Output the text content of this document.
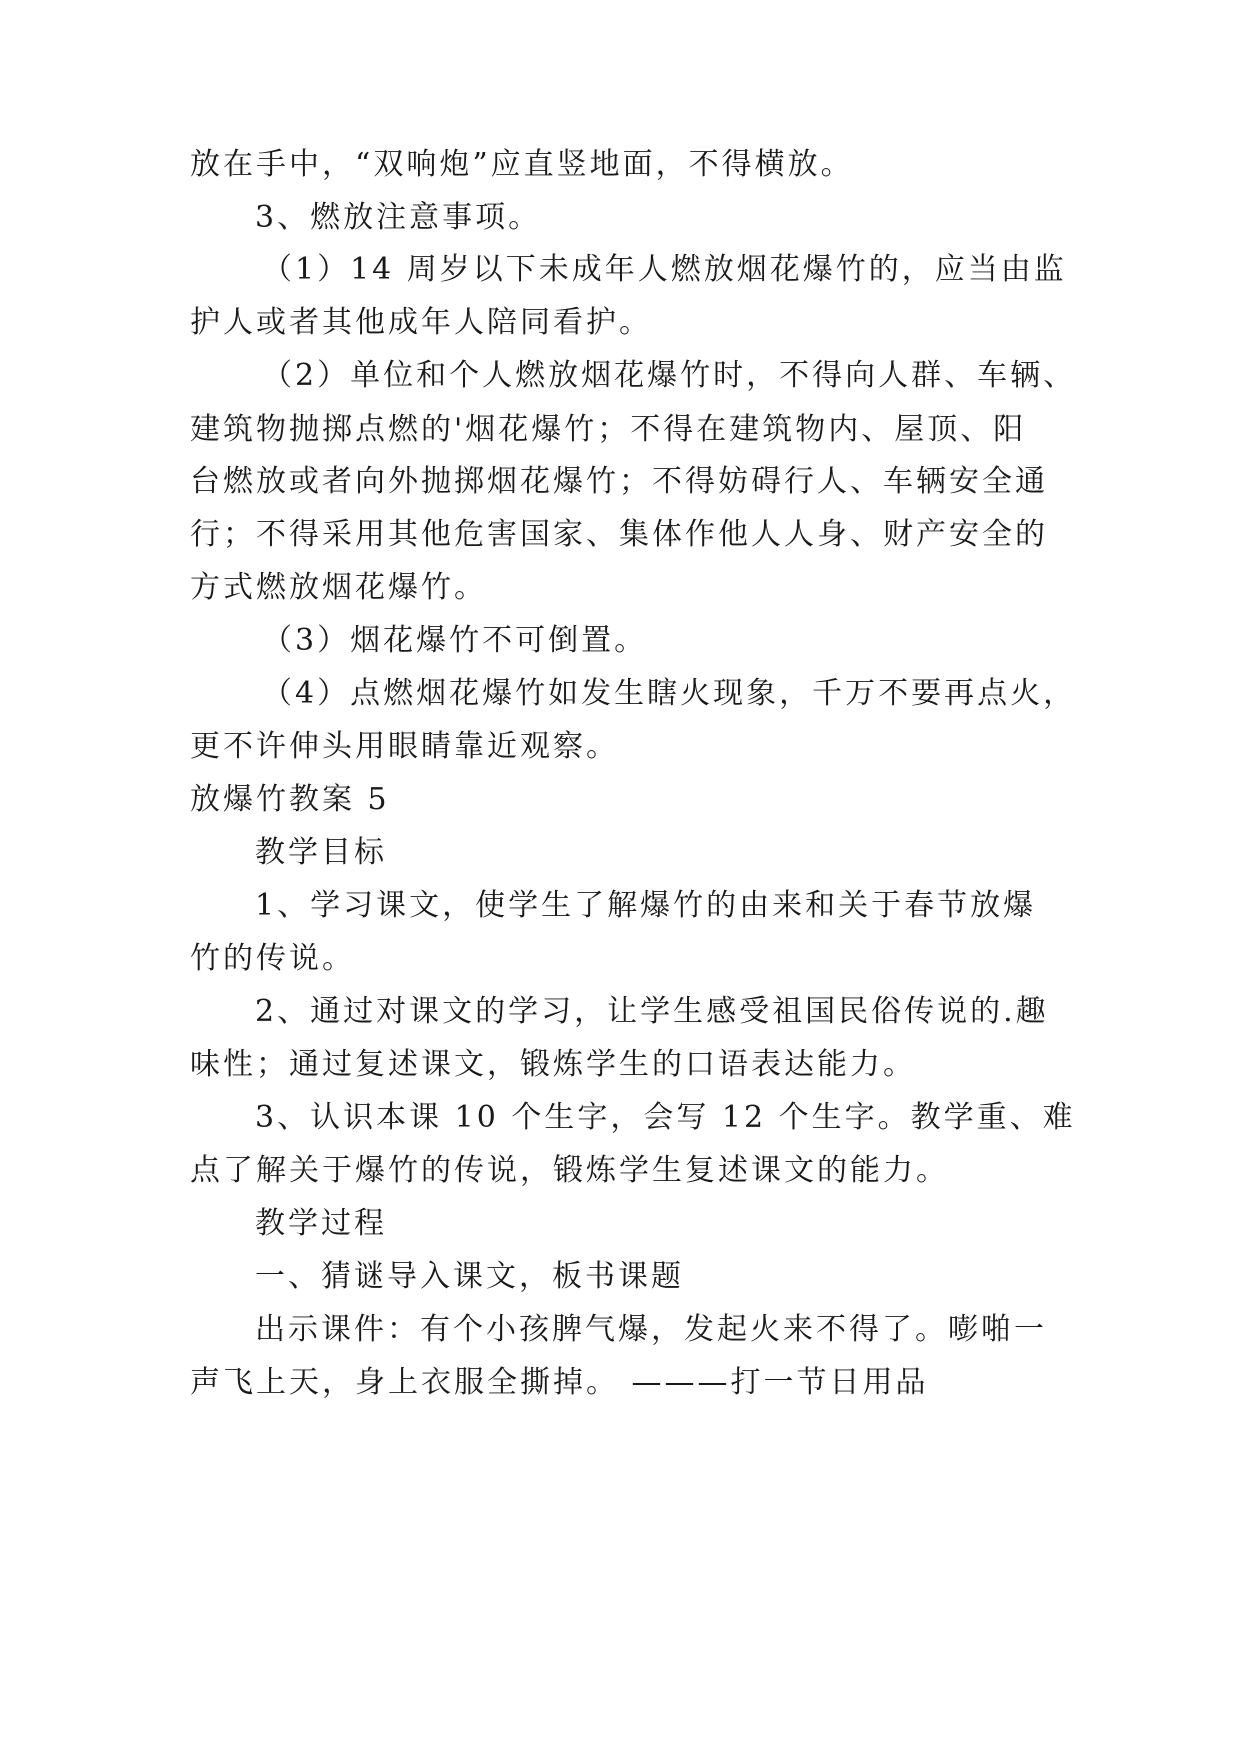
放在手中，“双响炮”应直竖地面，不得横放。
3、燃放注意事项。
（1）14 周岁以下未成年人燃放烟花爆竹的，应当由监
护人或者其他成年人陪同看护。
（2）单位和个人燃放烟花爆竹时，不得向人群、车辆、
建筑物抛掷点燃的'烟花爆竹；不得在建筑物内、屋顶、阳
台燃放或者向外抛掷烟花爆竹；不得妨碍行人、车辆安全通
行；不得采用其他危害国家、集体作他人人身、财产安全的
方式燃放烟花爆竹。
（3）烟花爆竹不可倒置。
（4）点燃烟花爆竹如发生瞎火现象，千万不要再点火，
更不许伸头用眼睛靠近观察。
放爆竹教案 5
教学目标
1、学习课文，使学生了解爆竹的由来和关于春节放爆
竹的传说。
2、通过对课文的学习，让学生感受祖国民俗传说的.趣
味性；通过复述课文，锻炼学生的口语表达能力。
3、认识本课 10 个生字，会写 12 个生字。教学重、难
点了解关于爆竹的传说，锻炼学生复述课文的能力。
教学过程
一、猜谜导入课文，板书课题
出示课件：有个小孩脾气爆，发起火来不得了。嘭啪一
声飞上天，身上衣服全撕掉。 ———打一节日用品
